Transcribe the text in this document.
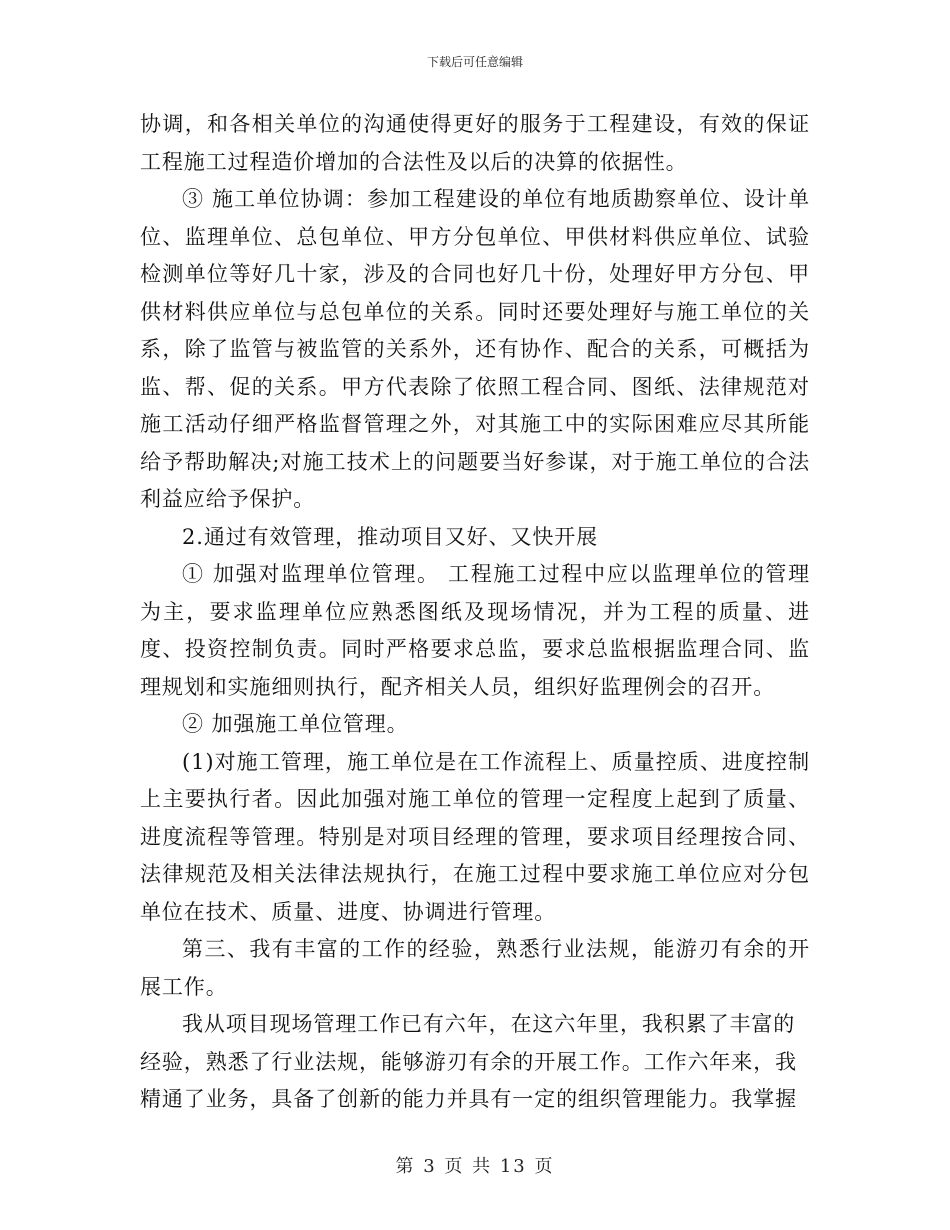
下载后可任意编辑

协调，和各相关单位的沟通使得更好的服务于工程建设，有效的保证工程施工过程造价增加的合法性及以后的决算的依据性。

③ 施工单位协调：参加工程建设的单位有地质勘察单位、设计单位、监理单位、总包单位、甲方分包单位、甲供材料供应单位、试验检测单位等好几十家，涉及的合同也好几十份，处理好甲方分包、甲供材料供应单位与总包单位的关系。同时还要处理好与施工单位的关系，除了监管与被监管的关系外，还有协作、配合的关系，可概括为监、帮、促的关系。甲方代表除了依照工程合同、图纸、法律规范对施工活动仔细严格监督管理之外，对其施工中的实际困难应尽其所能给予帮助解决;对施工技术上的问题要当好参谋，对于施工单位的合法利益应给予保护。

2.通过有效管理，推动项目又好、又快开展

① 加强对监理单位管理。 工程施工过程中应以监理单位的管理为主，要求监理单位应熟悉图纸及现场情况，并为工程的质量、进度、投资控制负责。同时严格要求总监，要求总监根据监理合同、监理规划和实施细则执行，配齐相关人员，组织好监理例会的召开。

② 加强施工单位管理。

(1)对施工管理，施工单位是在工作流程上、质量控质、进度控制上主要执行者。因此加强对施工单位的管理一定程度上起到了质量、进度流程等管理。特别是对项目经理的管理，要求项目经理按合同、法律规范及相关法律法规执行，在施工过程中要求施工单位应对分包单位在技术、质量、进度、协调进行管理。

第三、我有丰富的工作的经验，熟悉行业法规，能游刃有余的开展工作。

我从项目现场管理工作已有六年，在这六年里，我积累了丰富的经验，熟悉了行业法规，能够游刃有余的开展工作。工作六年来，我精通了业务，具备了创新的能力并具有一定的组织管理能力。我掌握

第 3 页 共 13 页
